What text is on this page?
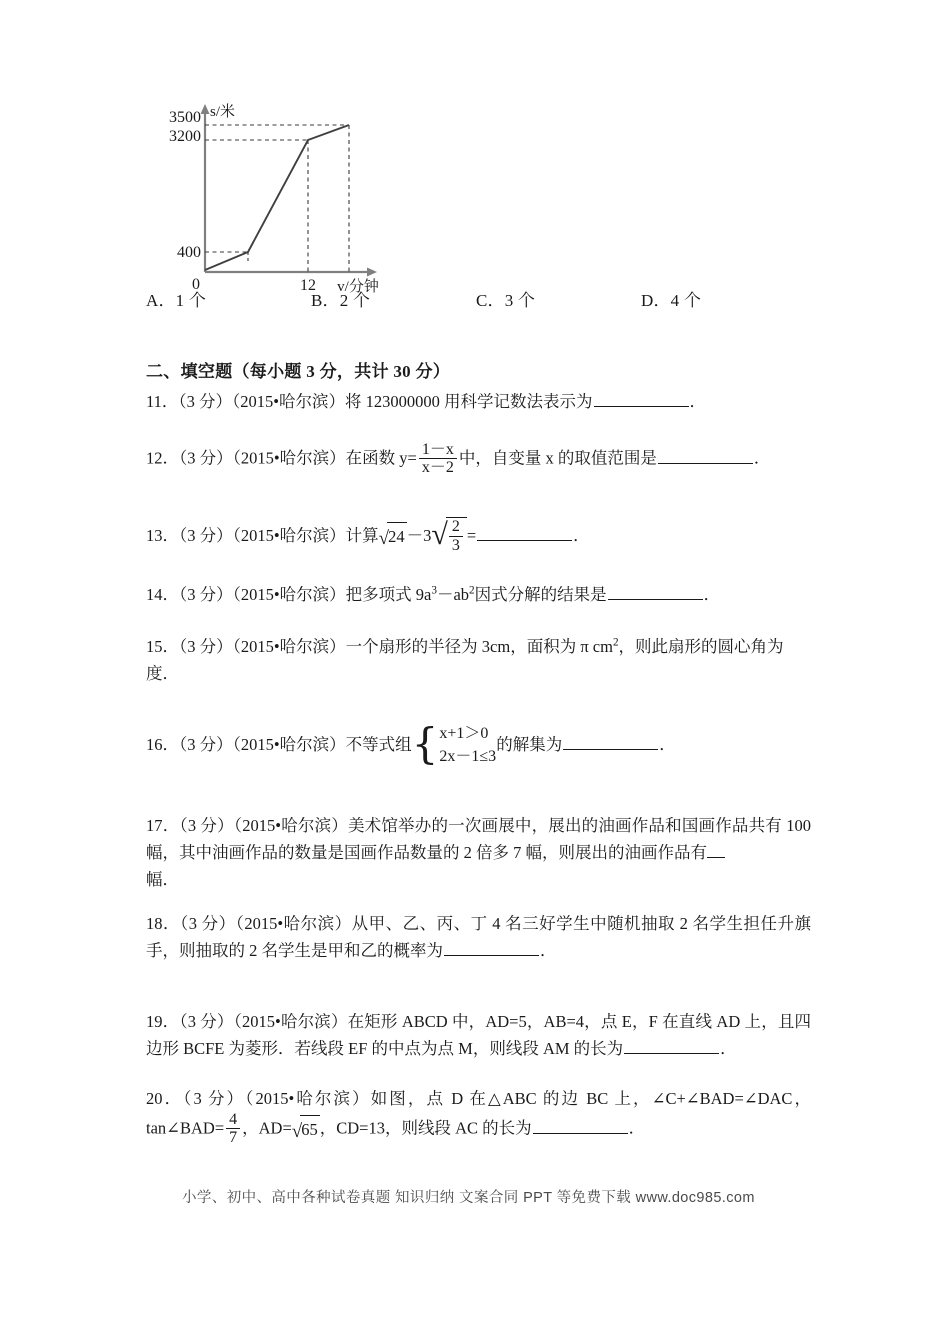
3500
3200
400
0	12
s/米
v/分钟
A．1 个	B．2 个	C．3 个	D．4 个
二、填空题（每小题 3 分，共计 30 分）
11．（3 分）（2015•哈尔滨）将 123000000 用科学记数法表示为	．
12．（3 分）（2015•哈尔滨）在函数 $y= \frac{1-x}{x-2}$ 中，自变量 x 的取值范围是	．
13．（3 分）（2015•哈尔滨）计算$√24 -3√ \frac{2}{3}$ =	．
14．（3 分）（2015•哈尔滨）把多项式 $9a^3-ab^2$因式分解的结果是	．
15．（3 分）（2015•哈尔滨）一个扇形的半径为 3cm，面积为 π $cm^2$，则此扇形的圆心角为
度．
16．（3 分）（2015•哈尔滨）不等式组{x+1＞0
2x－1≤3的解集为	．
17．（3 分）（2015•哈尔滨）美术馆举办的一次画展中，展出的油画作品和国画作品共有 100 幅，其中油画作品的数量是国画作品数量的 2 倍多 7 幅，则展出的油画作品有
幅．
18．（3 分）（2015•哈尔滨）从甲、乙、丙、丁 4 名三好学生中随机抽取 2 名学生担任升旗手，则抽取的 2 名学生是甲和乙的概率为	．
19．（3 分）（2015•哈尔滨）在矩形 ABCD 中，AD=5，AB=4，点 E，F 在直线 AD 上，且四边形 BCFE 为菱形．若线段 EF 的中点为点 M，则线段 AM 的长为	．
20．（3 分）（2015•哈尔滨）如图，点 D 在△ABC 的边 BC 上，∠C+∠BAD=∠DAC，tan∠BAD= $\frac{4}{7}$ ，AD=√65 ，CD=13，则线段 AC 的长为	．
小学、初中、高中各种试卷真题 知识归纳 文案合同 PPT 等免费下载 www.doc985.com
